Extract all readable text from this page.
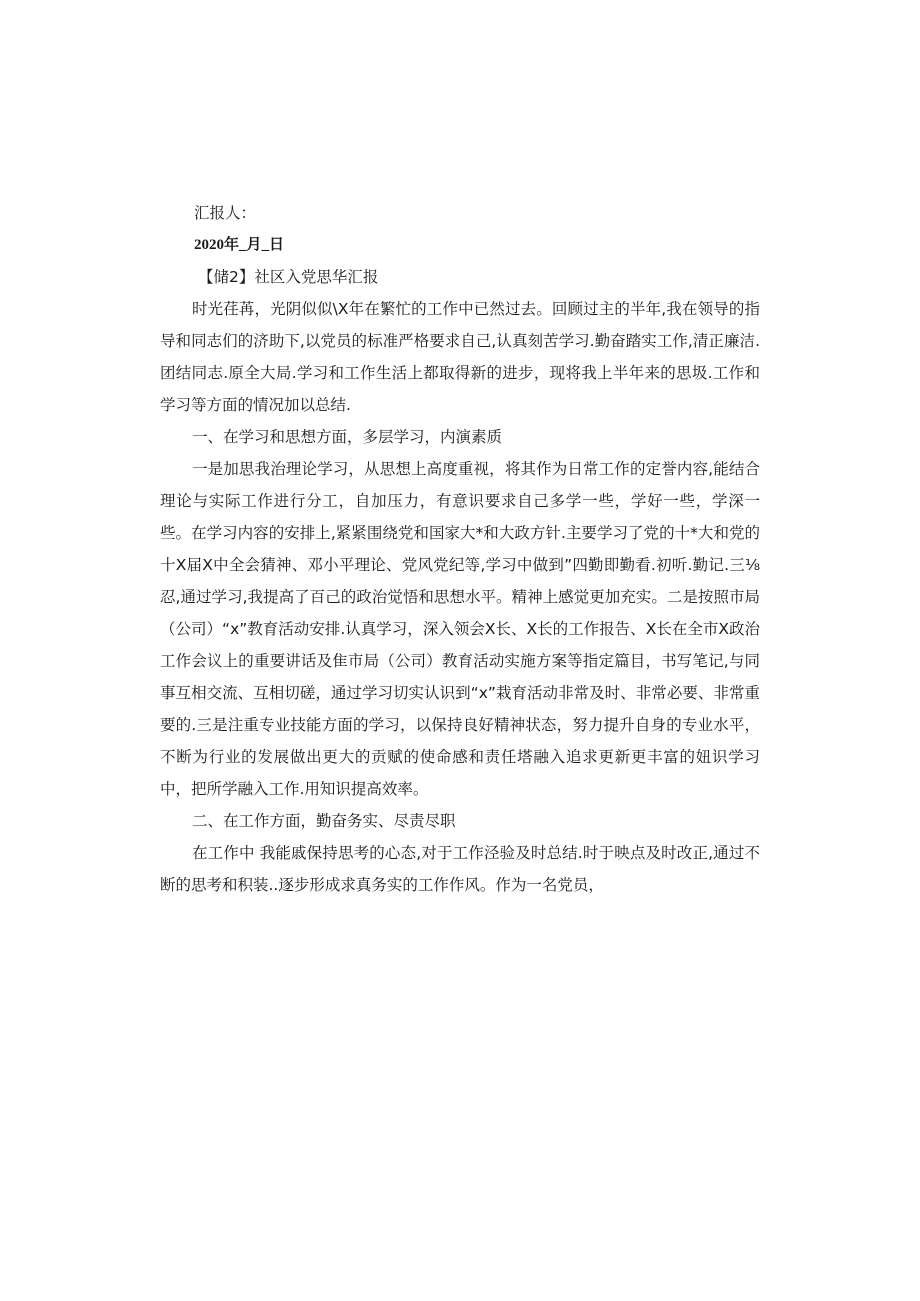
汇报人：

2020年_月_日

【储2】社区入党思华汇报

时光荏苒，光阴似似\X年在繁忙的工作中已然过去。回顾过主的半年,我在领导的指导和同志们的济助下,以党员的标准严格要求自己,认真刻苦学习.勤奋踏实工作,清正廉洁.团结同志.原全大局.学习和工作生活上都取得新的进步，现将我上半年来的思圾.工作和学习等方面的情况加以总结.

一、在学习和思想方面，多层学习，内演素质

一是加思我治理论学习，从思想上高度重视，将其作为日常工作的定誉内容,能结合理论与实际工作进行分工，自加压力，有意识要求自己多学一些，学好一些，学深一些。在学习内容的安排上,紧紧围绕党和国家大*和大政方针.主要学习了党的十*大和党的十X届X中全会猜神、邓小平理论、党风党纪等,学习中做到”四勤即勤看.初听.勤记.三⅛忍,通过学习,我提高了百己的政治觉悟和思想水平。精神上感觉更加充实。二是按照市局（公司）“x”教育活动安排.认真学习，深入领会X长、X长的工作报告、X长在全市X政治工作会议上的重要讲话及隹市局（公司）教育活动实施方案等指定篇目，书写笔记,与同事互相交流、互相切磋，通过学习切实认识到“x”栽育活动非常及时、非常必要、非常重要的.三是注重专业技能方面的学习，以保持良好精神状态，努力提升自身的专业水平，不断为行业的发展做出更大的贡赋的使命感和责任塔融入追求更新更丰富的妞识学习中，把所学融入工作.用知识提高效率。

二、在工作方面，勤奋务实、尽责尽职

在工作中 我能戚保持思考的心态,对于工作泾验及时总结.时于映点及时改正,通过不断的思考和积装..逐步形成求真务实的工作作风。作为一名党员，
